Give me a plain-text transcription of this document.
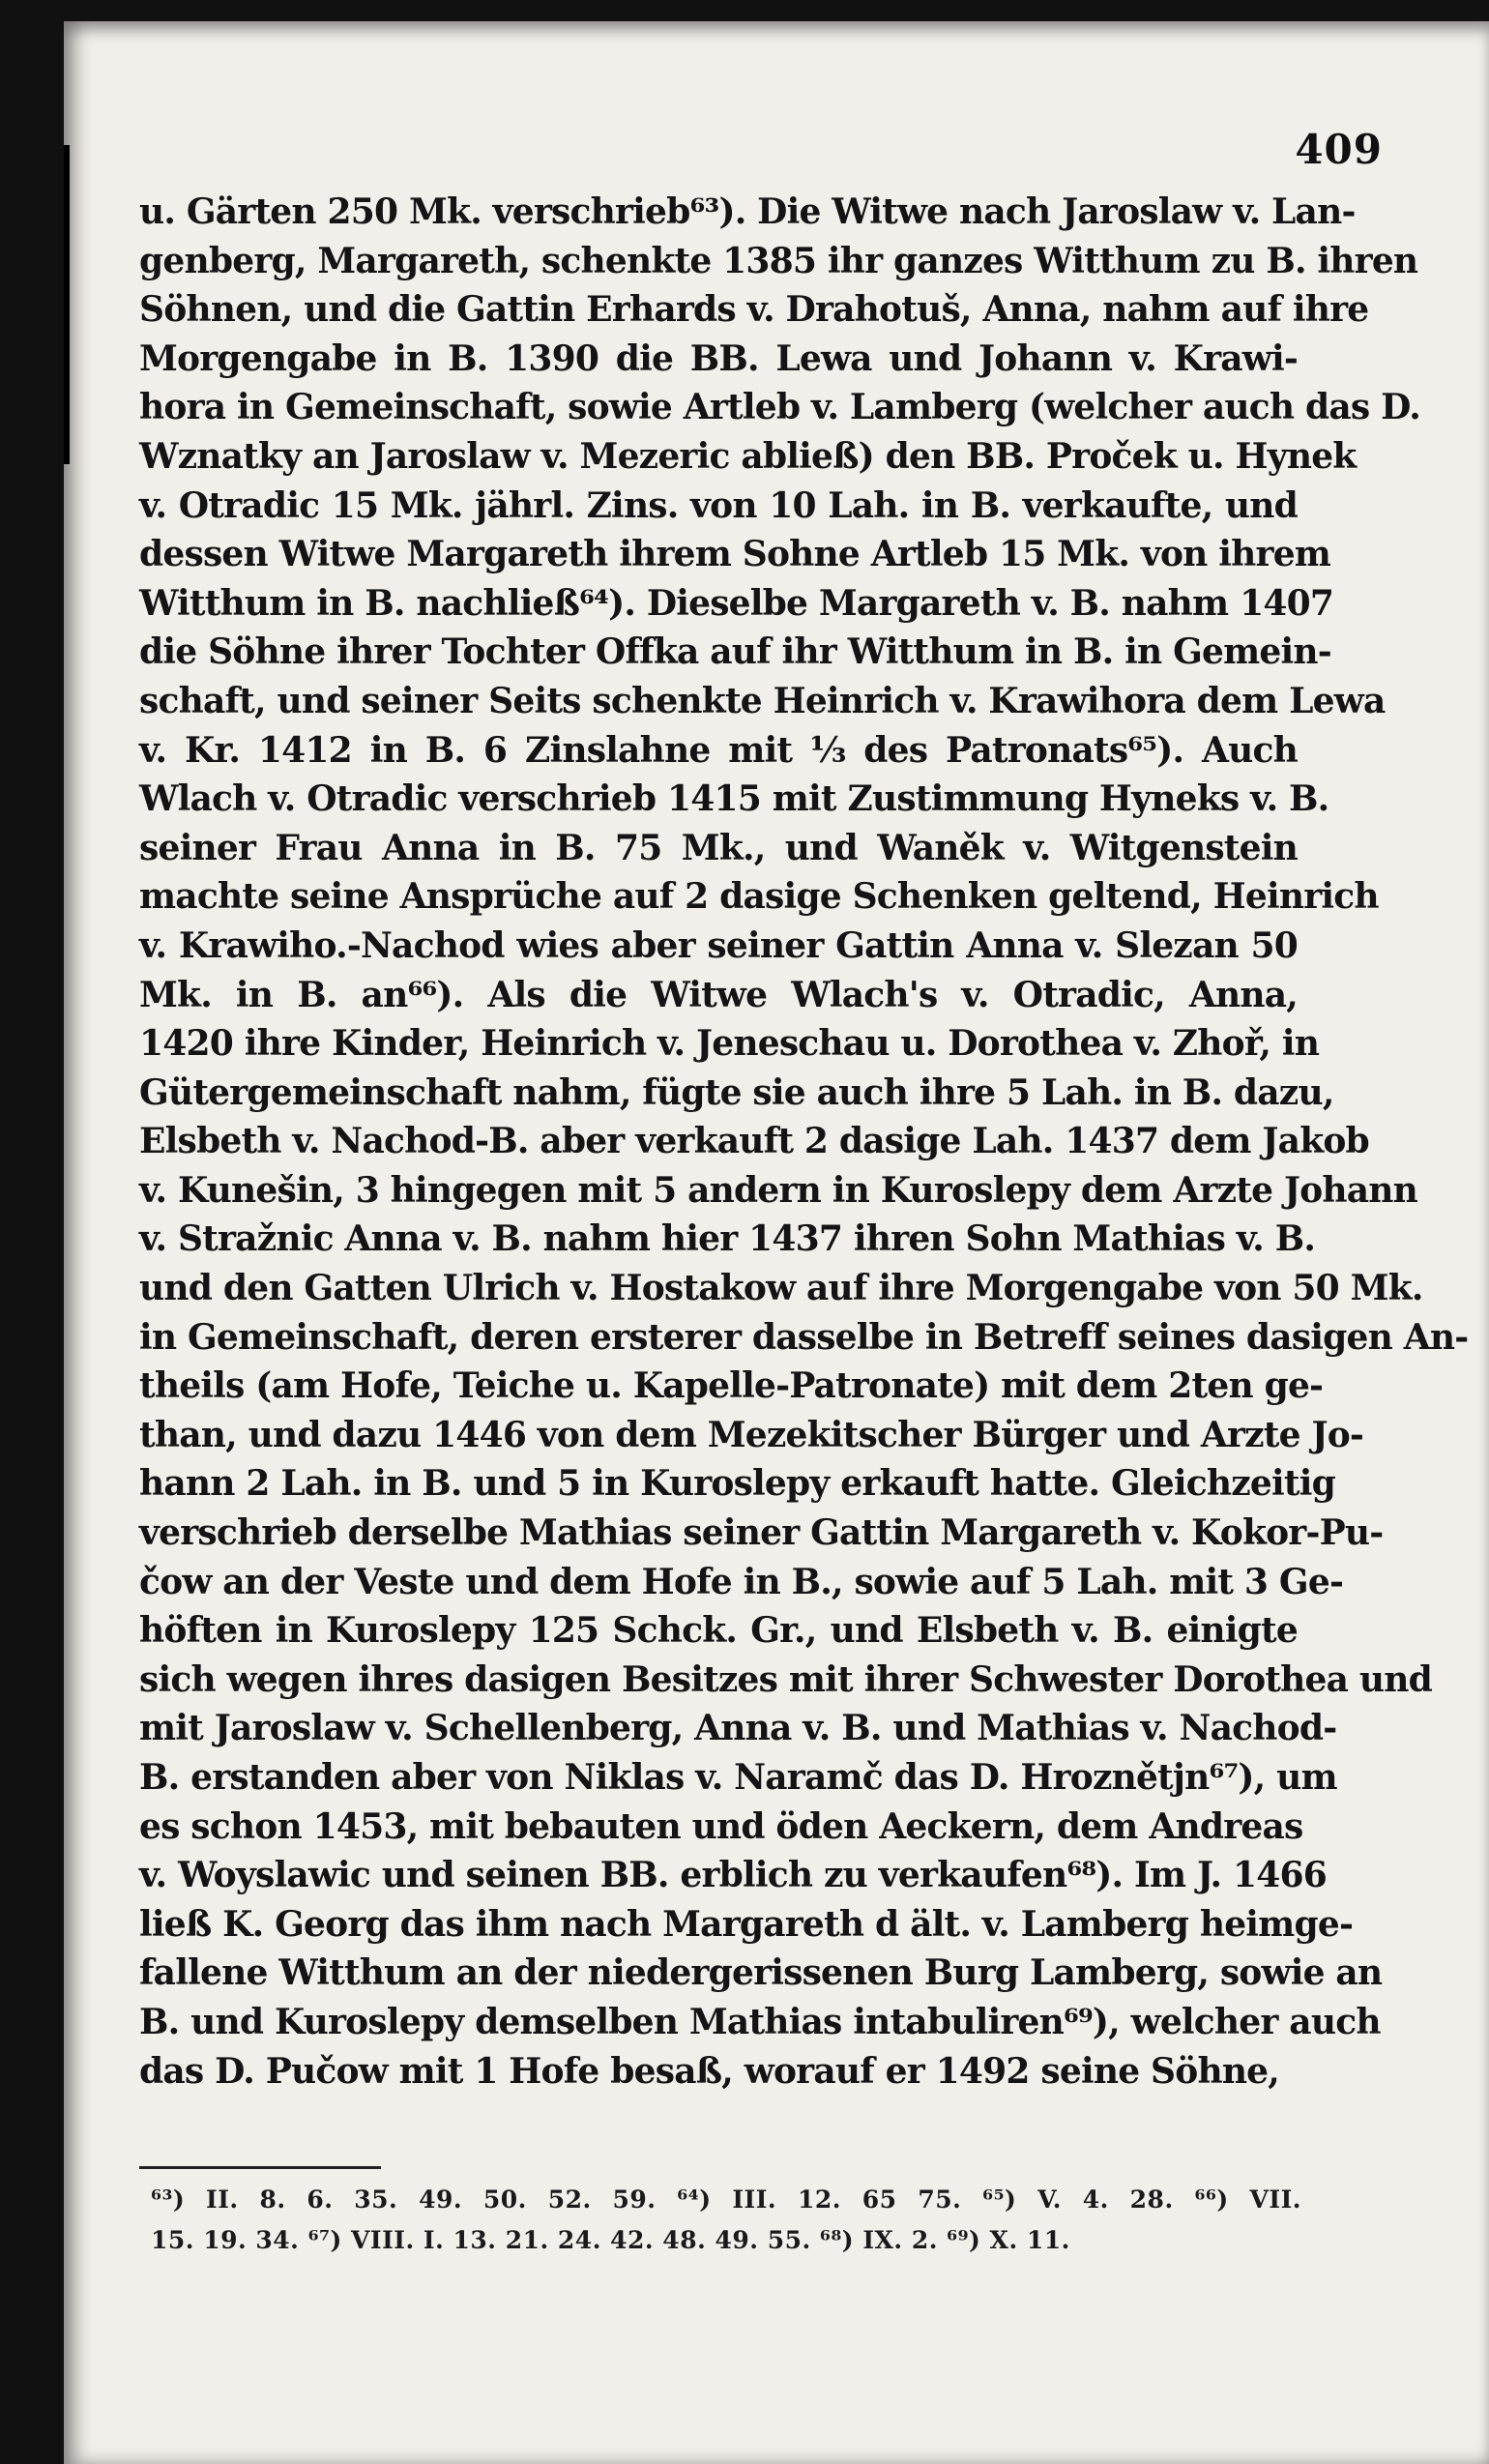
409
u. Gärten 250 Mk. verschrieb⁶³). Die Witwe nach Jaroslaw v. Lan-
genberg, Margareth, schenkte 1385 ihr ganzes Witthum zu B. ihren
Söhnen, und die Gattin Erhards v. Drahotuš, Anna, nahm auf ihre
Morgengabe in B. 1390 die BB. Lewa und Johann v. Krawi-
hora in Gemeinschaft, sowie Artleb v. Lamberg (welcher auch das D.
Wznatky an Jaroslaw v. Mezeric abließ) den BB. Proček u. Hynek
v. Otradic 15 Mk. jährl. Zins. von 10 Lah. in B. verkaufte, und
dessen Witwe Margareth ihrem Sohne Artleb 15 Mk. von ihrem
Witthum in B. nachließ⁶⁴). Dieselbe Margareth v. B. nahm 1407
die Söhne ihrer Tochter Offka auf ihr Witthum in B. in Gemein-
schaft, und seiner Seits schenkte Heinrich v. Krawihora dem Lewa
v. Kr. 1412 in B. 6 Zinslahne mit ⅓ des Patronats⁶⁵). Auch
Wlach v. Otradic verschrieb 1415 mit Zustimmung Hyneks v. B.
seiner Frau Anna in B. 75 Mk., und Waněk v. Witgenstein
machte seine Ansprüche auf 2 dasige Schenken geltend, Heinrich
v. Krawiho.-Nachod wies aber seiner Gattin Anna v. Slezan 50
Mk. in B. an⁶⁶). Als die Witwe Wlach's v. Otradic, Anna,
1420 ihre Kinder, Heinrich v. Jeneschau u. Dorothea v. Zhoř, in
Gütergemeinschaft nahm, fügte sie auch ihre 5 Lah. in B. dazu,
Elsbeth v. Nachod-B. aber verkauft 2 dasige Lah. 1437 dem Jakob
v. Kunešin, 3 hingegen mit 5 andern in Kuroslepy dem Arzte Johann
v. Stražnic Anna v. B. nahm hier 1437 ihren Sohn Mathias v. B.
und den Gatten Ulrich v. Hostakow auf ihre Morgengabe von 50 Mk.
in Gemeinschaft, deren ersterer dasselbe in Betreff seines dasigen An-
theils (am Hofe, Teiche u. Kapelle-Patronate) mit dem 2ten ge-
than, und dazu 1446 von dem Mezekitscher Bürger und Arzte Jo-
hann 2 Lah. in B. und 5 in Kuroslepy erkauft hatte. Gleichzeitig
verschrieb derselbe Mathias seiner Gattin Margareth v. Kokor-Pu-
čow an der Veste und dem Hofe in B., sowie auf 5 Lah. mit 3 Ge-
höften in Kuroslepy 125 Schck. Gr., und Elsbeth v. B. einigte
sich wegen ihres dasigen Besitzes mit ihrer Schwester Dorothea und
mit Jaroslaw v. Schellenberg, Anna v. B. und Mathias v. Nachod-
B. erstanden aber von Niklas v. Naramč das D. Hroznětjn⁶⁷), um
es schon 1453, mit bebauten und öden Aeckern, dem Andreas
v. Woyslawic und seinen BB. erblich zu verkaufen⁶⁸). Im J. 1466
ließ K. Georg das ihm nach Margareth d ält. v. Lamberg heimge-
fallene Witthum an der niedergerissenen Burg Lamberg, sowie an
B. und Kuroslepy demselben Mathias intabuliren⁶⁹), welcher auch
das D. Pučow mit 1 Hofe besaß, worauf er 1492 seine Söhne,
⁶³) II. 8. 6. 35. 49. 50. 52. 59. ⁶⁴) III. 12. 65 75. ⁶⁵) V. 4. 28. ⁶⁶) VII.
15. 19. 34. ⁶⁷) VIII. I. 13. 21. 24. 42. 48. 49. 55. ⁶⁸) IX. 2. ⁶⁹) X. 11.
